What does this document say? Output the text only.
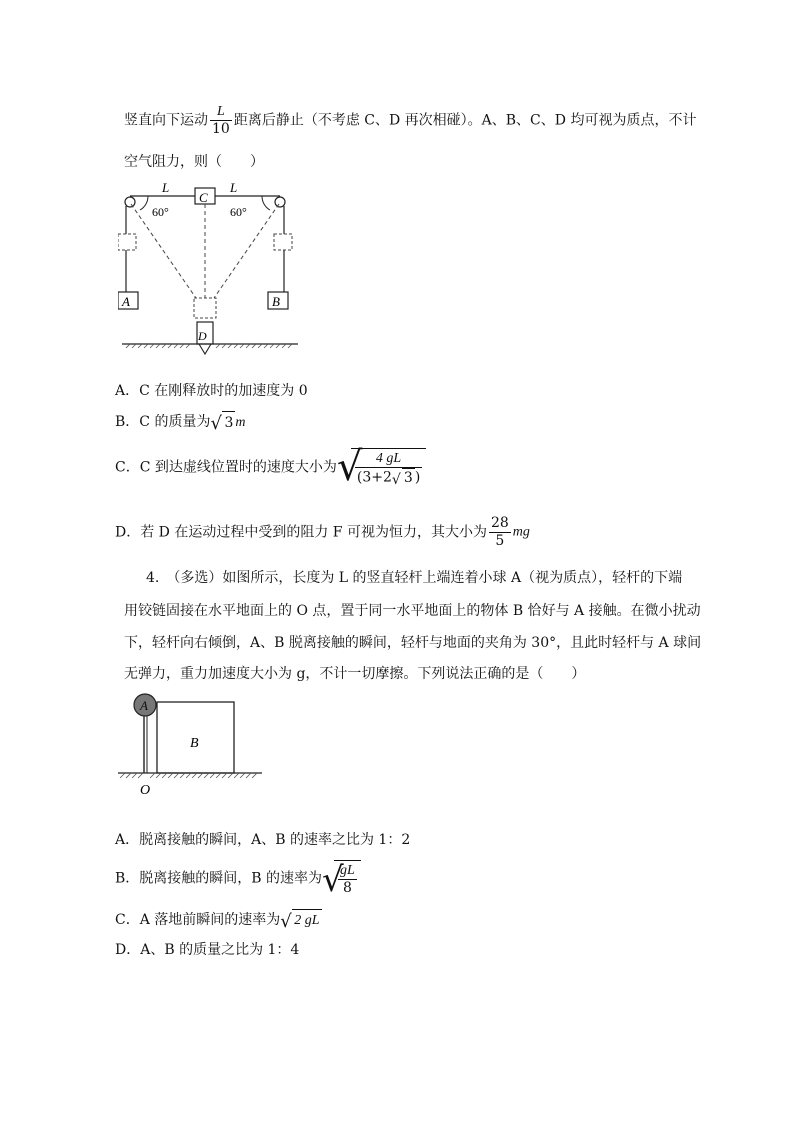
竖直向下运动 $\frac{L}{10}$ 距离后静止（不考虑 C、D 再次相碰）。A、B、C、D 均可视为质点，不计
空气阻力，则（　　）
C
L	L
60°	60°
A	B
D
A．C 在刚释放时的加速度为 0
B．C 的质量为 √ 3 m
C．C 到达虚线位置时的速度大小为 √
$\frac{4 gL}{(3+2 √ 3 )}$
D．若 D 在运动过程中受到的阻力 F 可视为恒力，其大小为 $\frac{28}{5}$ mg
4.　（多选）如图所示，长度为 L 的竖直轻杆上端连着小球 A（视为质点），轻杆的下端
用铰链固接在水平地面上的 O 点，置于同一水平地面上的物体 B 恰好与 A 接触。在微小扰动
下，轻杆向右倾倒，A、B 脱离接触的瞬间，轻杆与地面的夹角为 30°，且此时轻杆与 A 球间
无弹力，重力加速度大小为 g，不计一切摩擦。下列说法正确的是（　　）
A
B
O
A．脱离接触的瞬间，A、B 的速率之比为 1：2
B．脱离接触的瞬间，B 的速率为 √
$\frac{gL}{8}$
C．A 落地前瞬间的速率为 √ 2 gL
D．A、B 的质量之比为 1：4
